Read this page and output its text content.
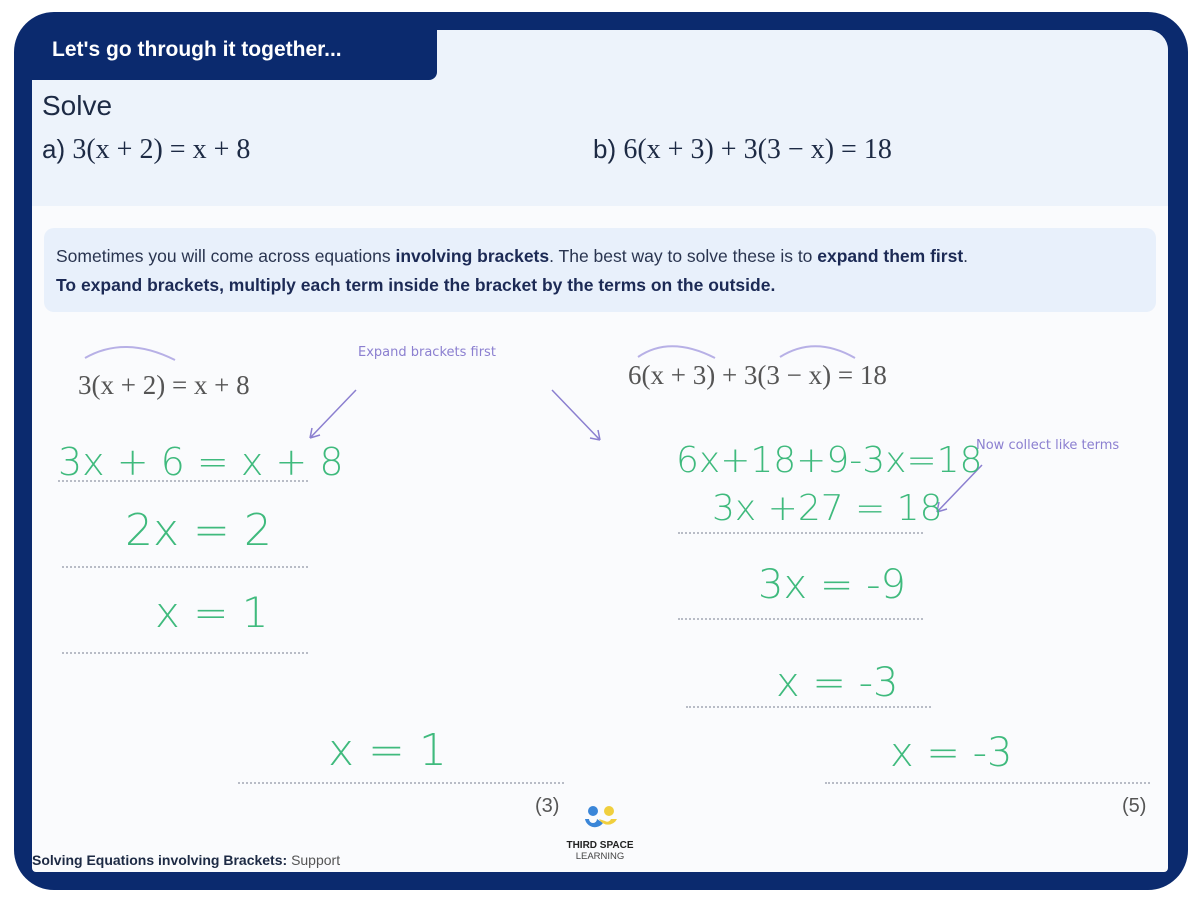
Let's go through it together...
Solve
a) 3(x + 2) = x + 8	b) 6(x + 3) + 3(3 − x) = 18
Sometimes you will come across equations involving brackets. The best way to solve these is to expand them first.
To expand brackets, multiply each term inside the bracket by the terms on the outside.
3(x + 2) = x + 8	6(x + 3) + 3(3 − x) = 18
Expand brackets first
Now collect like terms
3x + 6 = x + 8
2x = 2
x = 1
x = 1
(3)
6x+18+9-3x=18
3x +27 = 18
3x = -9
x = -3
x = -3
(5)
THIRD SPACE
LEARNING
Solving Equations involving Brackets: Support
